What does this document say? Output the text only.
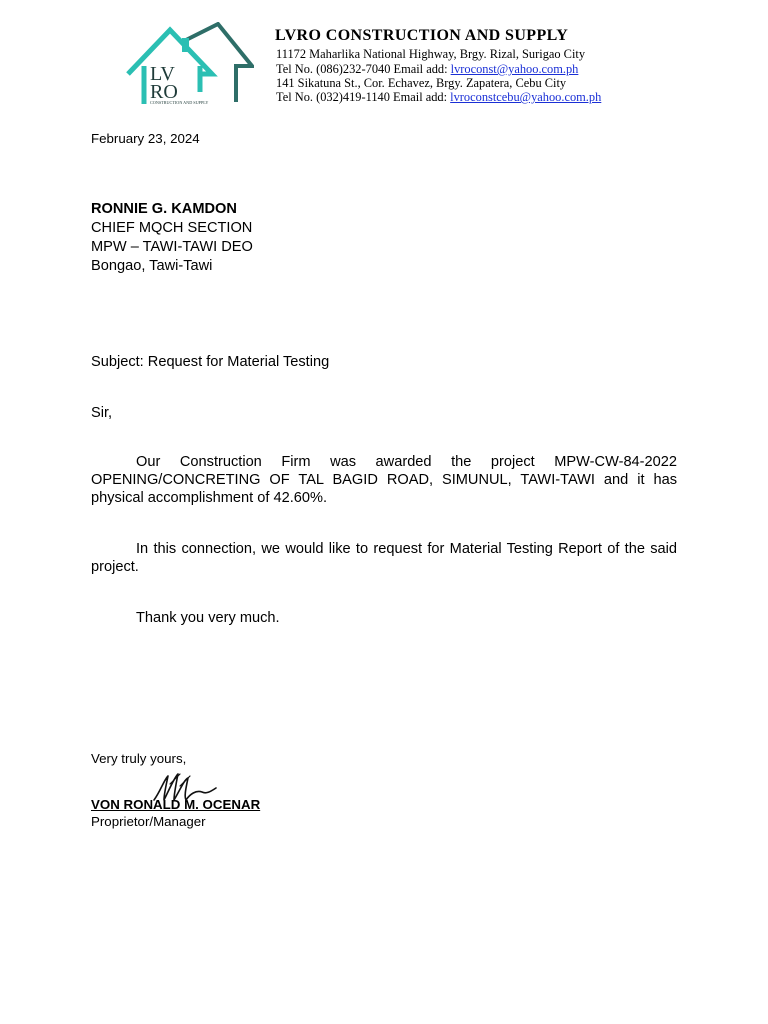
LV
RO
CONSTRUCTION AND SUPPLY
LVRO CONSTRUCTION AND SUPPLY
11172 Maharlika National Highway, Brgy. Rizal, Surigao City
Tel No. (086)232-7040 Email add: lvroconst@yahoo.com.ph
141 Sikatuna St., Cor. Echavez, Brgy. Zapatera, Cebu City
Tel No. (032)419-1140 Email add: lvroconstcebu@yahoo.com.ph
February 23, 2024
RONNIE G. KAMDON
CHIEF MQCH SECTION
MPW – TAWI-TAWI DEO
Bongao, Tawi-Tawi
Subject: Request for Material Testing
Sir,
Our Construction Firm was awarded the project MPW-CW-84-2022 OPENING/CONCRETING OF TAL BAGID ROAD, SIMUNUL, TAWI-TAWI and it has physical accomplishment of 42.60%.
In this connection, we would like to request for Material Testing Report of the said project.
Thank you very much.
Very truly yours,
VON RONALD M. OCENAR
Proprietor/Manager
